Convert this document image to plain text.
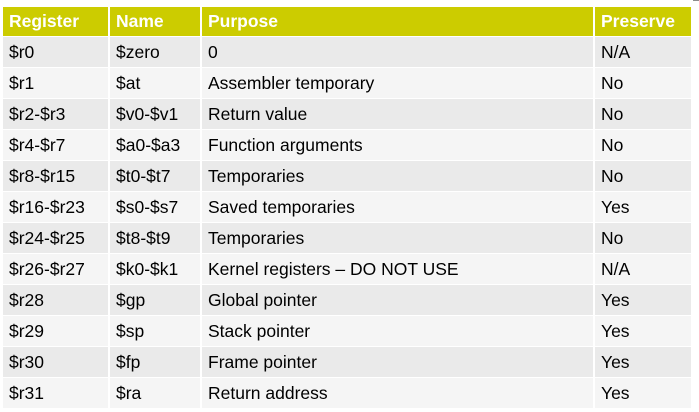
Register	Name	Purpose	Preserve
$r0	$zero	0	N/A
$r1	$at	Assembler temporary	No
$r2-$r3	$v0-$v1	Return value	No
$r4-$r7	$a0-$a3	Function arguments	No
$r8-$r15	$t0-$t7	Temporaries	No
$r16-$r23	$s0-$s7	Saved temporaries	Yes
$r24-$r25	$t8-$t9	Temporaries	No
$r26-$r27	$k0-$k1	Kernel registers – DO NOT USE	N/A
$r28	$gp	Global pointer	Yes
$r29	$sp	Stack pointer	Yes
$r30	$fp	Frame pointer	Yes
$r31	$ra	Return address	Yes
